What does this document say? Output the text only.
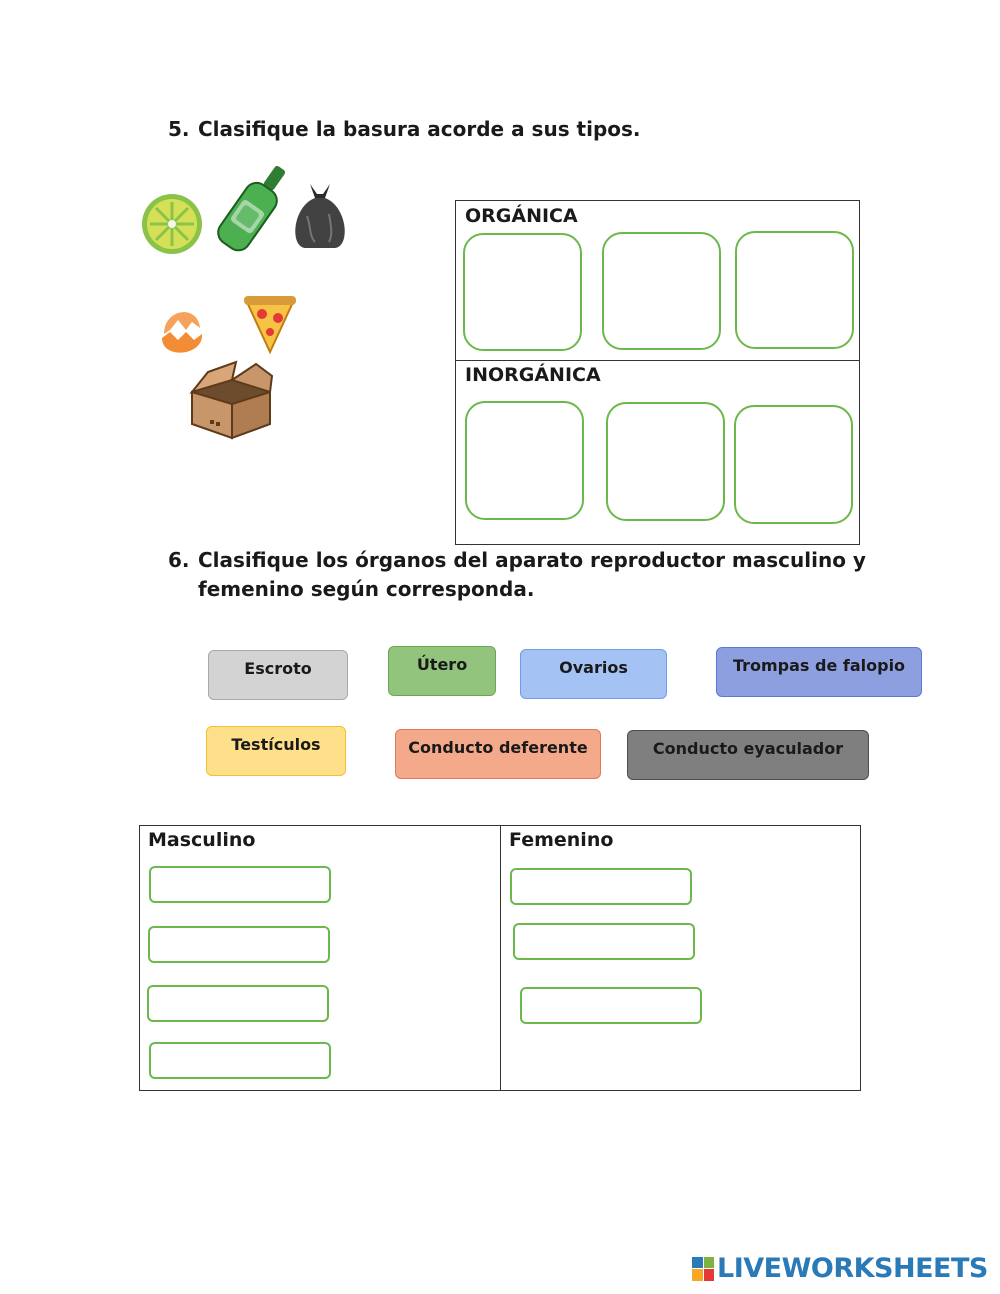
5. Clasifique la basura acorde a sus tipos.
ORGÁNICA
INORGÁNICA
6. Clasifique los órganos del aparato reproductor masculino y
femenino según corresponda.
Escroto	Útero	Ovarios	Trompas de falopio
Testículos	Conducto deferente	Conducto eyaculador
Masculino	Femenino
LIVEWORKSHEETS
